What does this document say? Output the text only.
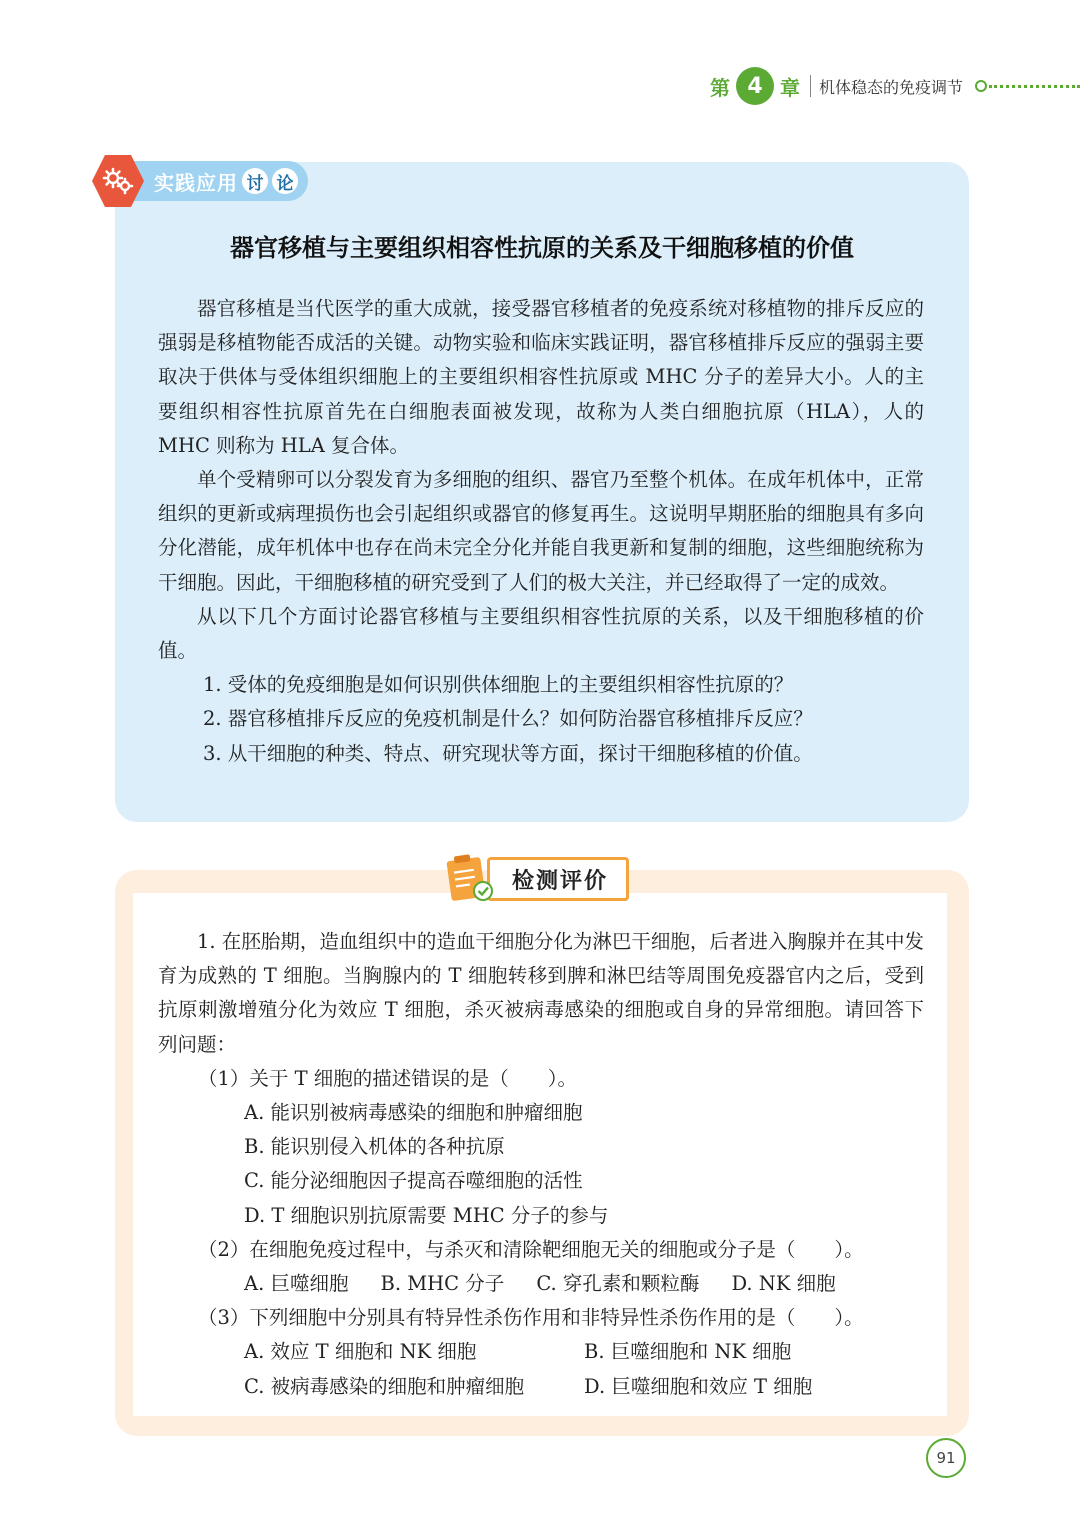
第 4 章 机体稳态的免疫调节
实践应用 讨 论
器官移植与主要组织相容性抗原的关系及干细胞移植的价值

器官移植是当代医学的重大成就，接受器官移植者的免疫系统对移植物的排斥反应的强弱是移植物能否成活的关键。动物实验和临床实践证明，器官移植排斥反应的强弱主要取决于供体与受体组织细胞上的主要组织相容性抗原或 MHC 分子的差异大小。人的主要组织相容性抗原首先在白细胞表面被发现，故称为人类白细胞抗原（HLA），人的 MHC 则称为 HLA 复合体。

单个受精卵可以分裂发育为多细胞的组织、器官乃至整个机体。在成年机体中，正常组织的更新或病理损伤也会引起组织或器官的修复再生。这说明早期胚胎的细胞具有多向分化潜能，成年机体中也存在尚未完全分化并能自我更新和复制的细胞，这些细胞统称为干细胞。因此，干细胞移植的研究受到了人们的极大关注，并已经取得了一定的成效。

从以下几个方面讨论器官移植与主要组织相容性抗原的关系，以及干细胞移植的价值。

1. 受体的免疫细胞是如何识别供体细胞上的主要组织相容性抗原的？

2. 器官移植排斥反应的免疫机制是什么？如何防治器官移植排斥反应？

3. 从干细胞的种类、特点、研究现状等方面，探讨干细胞移植的价值。

检测评价

1. 在胚胎期，造血组织中的造血干细胞分化为淋巴干细胞，后者进入胸腺并在其中发育为成熟的 T 细胞。当胸腺内的 T 细胞转移到脾和淋巴结等周围免疫器官内之后，受到抗原刺激增殖分化为效应 T 细胞，杀灭被病毒感染的细胞或自身的异常细胞。请回答下列问题：

（1）关于 T 细胞的描述错误的是（　　）。

A. 能识别被病毒感染的细胞和肿瘤细胞

B. 能识别侵入机体的各种抗原

C. 能分泌细胞因子提高吞噬细胞的活性

D. T 细胞识别抗原需要 MHC 分子的参与

（2）在细胞免疫过程中，与杀灭和清除靶细胞无关的细胞或分子是（　　）。

A. 巨噬细胞 B. MHC 分子 C. 穿孔素和颗粒酶 D. NK 细胞

（3）下列细胞中分别具有特异性杀伤作用和非特异性杀伤作用的是（　　）。

A. 效应 T 细胞和 NK 细胞	B. 巨噬细胞和 NK 细胞
C. 被病毒感染的细胞和肿瘤细胞	D. 巨噬细胞和效应 T 细胞
91
